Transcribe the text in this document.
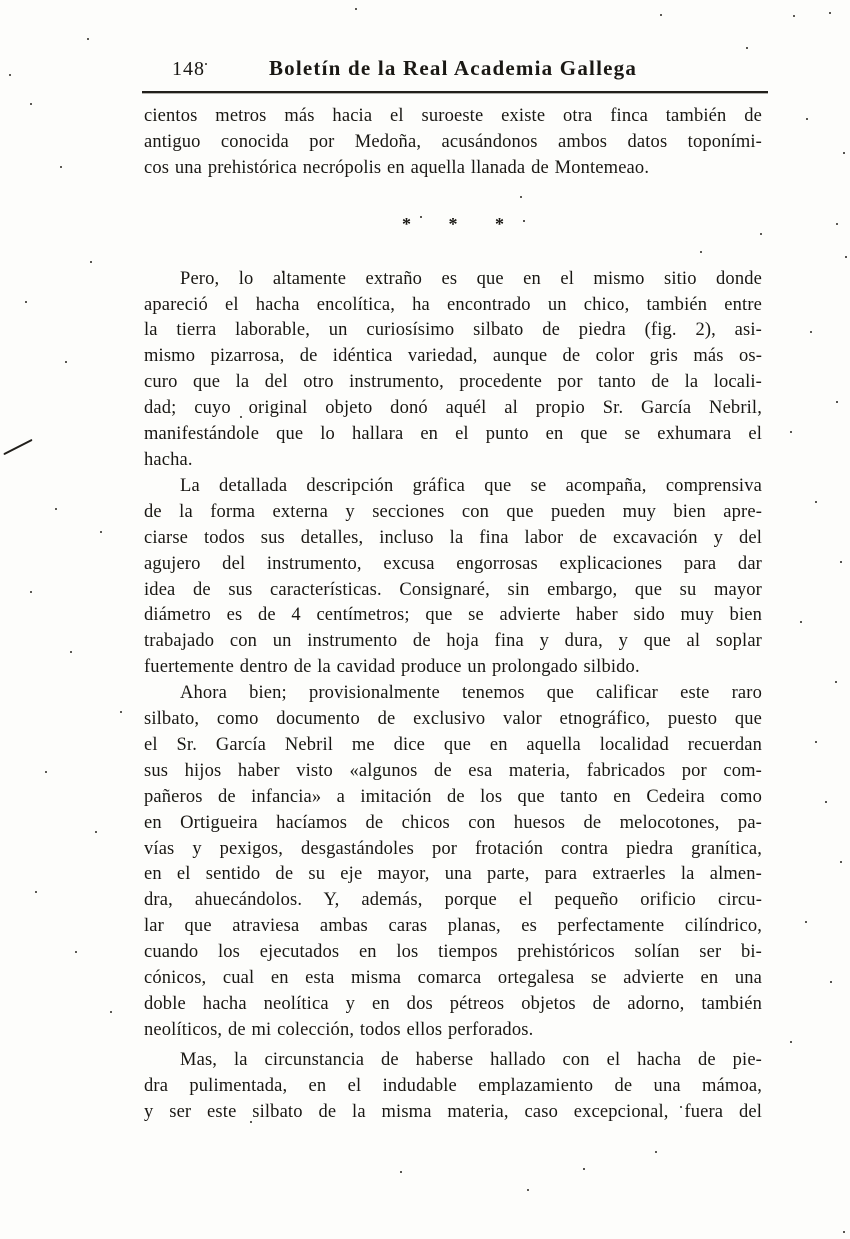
148	Boletín de la Real Academia Gallega
cientos metros más hacia el suroeste existe otra finca también de
antiguo conocida por Medoña, acusándonos ambos datos toponími-
cos una prehistórica necrópolis en aquella llanada de Montemeao.
* * *
Pero, lo altamente extraño es que en el mismo sitio donde
apareció el hacha encolítica, ha encontrado un chico, también entre
la tierra laborable, un curiosísimo silbato de piedra (fig. 2), asi-
mismo pizarrosa, de idéntica variedad, aunque de color gris más os-
curo que la del otro instrumento, procedente por tanto de la locali-
dad; cuyo original objeto donó aquél al propio Sr. García Nebril,
manifestándole que lo hallara en el punto en que se exhumara el
hacha.
La detallada descripción gráfica que se acompaña, comprensiva
de la forma externa y secciones con que pueden muy bien apre-
ciarse todos sus detalles, incluso la fina labor de excavación y del
agujero del instrumento, excusa engorrosas explicaciones para dar
idea de sus características. Consignaré, sin embargo, que su mayor
diámetro es de 4 centímetros; que se advierte haber sido muy bien
trabajado con un instrumento de hoja fina y dura, y que al soplar
fuertemente dentro de la cavidad produce un prolongado silbido.
Ahora bien; provisionalmente tenemos que calificar este raro
silbato, como documento de exclusivo valor etnográfico, puesto que
el Sr. García Nebril me dice que en aquella localidad recuerdan
sus hijos haber visto «algunos de esa materia, fabricados por com-
pañeros de infancia» a imitación de los que tanto en Cedeira como
en Ortigueira hacíamos de chicos con huesos de melocotones, pa-
vías y pexigos, desgastándoles por frotación contra piedra granítica,
en el sentido de su eje mayor, una parte, para extraerles la almen-
dra, ahuecándolos. Y, además, porque el pequeño orificio circu-
lar que atraviesa ambas caras planas, es perfectamente cilíndrico,
cuando los ejecutados en los tiempos prehistóricos solían ser bi-
cónicos, cual en esta misma comarca ortegalesa se advierte en una
doble hacha neolítica y en dos pétreos objetos de adorno, también
neolíticos, de mi colección, todos ellos perforados.
Mas, la circunstancia de haberse hallado con el hacha de pie-
dra pulimentada, en el indudable emplazamiento de una mámoa,
y ser este silbato de la misma materia, caso excepcional, fuera del
